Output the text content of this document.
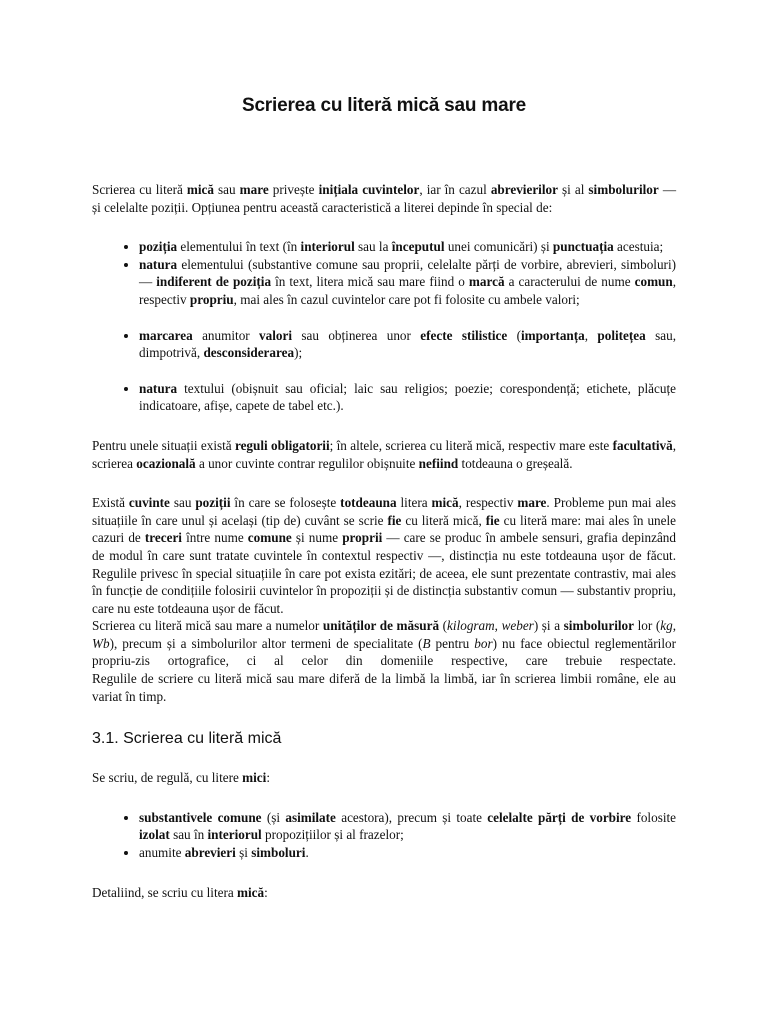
Scrierea cu literă mică sau mare

Scrierea cu literă mică sau mare privește inițiala cuvintelor, iar în cazul abrevierilor și al simbolurilor — și celelalte poziții. Opțiunea pentru această caracteristică a literei depinde în special de:

• poziția elementului în text (în interiorul sau la începutul unei comunicări) și punctuația acestuia;
• natura elementului (substantive comune sau proprii, celelalte părți de vorbire, abrevieri, simboluri) — indiferent de poziția în text, litera mică sau mare fiind o marcă a caracterului de nume comun, respectiv propriu, mai ales în cazul cuvintelor care pot fi folosite cu ambele valori;
• marcarea anumitor valori sau obținerea unor efecte stilistice (importanța, politețea sau, dimpotrivă, desconsiderarea);
• natura textului (obișnuit sau oficial; laic sau religios; poezie; corespondență; etichete, plăcuțe indicatoare, afișe, capete de tabel etc.).

Pentru unele situații există reguli obligatorii; în altele, scrierea cu literă mică, respectiv mare este facultativă, scrierea ocazională a unor cuvinte contrar regulilor obișnuite nefiind totdeauna o greșeală.

Există cuvinte sau poziții în care se folosește totdeauna litera mică, respectiv mare. Probleme pun mai ales situațiile în care unul și același (tip de) cuvânt se scrie fie cu literă mică, fie cu literă mare: mai ales în unele cazuri de treceri între nume comune și nume proprii — care se produc în ambele sensuri, grafia depinzând de modul în care sunt tratate cuvintele în contextul respectiv —, distincția nu este totdeauna ușor de făcut. Regulile privesc în special situațiile în care pot exista ezitări; de aceea, ele sunt prezentate contrastiv, mai ales în funcție de condițiile folosirii cuvintelor în propoziții și de distincția substantiv comun — substantiv propriu, care nu este totdeauna ușor de făcut.

Scrierea cu literă mică sau mare a numelor unităților de măsură (kilogram, weber) și a simbolurilor lor (kg, Wb), precum și a simbolurilor altor termeni de specialitate (B pentru bor) nu face obiectul reglementărilor propriu-zis ortografice, ci al celor din domeniile respective, care trebuie respectate.

Regulile de scriere cu literă mică sau mare diferă de la limbă la limbă, iar în scrierea limbii române, ele au variat în timp.

3.1. Scrierea cu literă mică

Se scriu, de regulă, cu litere mici:

• substantivele comune (și asimilate acestora), precum și toate celelalte părți de vorbire folosite izolat sau în interiorul propozițiilor și al frazelor;
• anumite abrevieri și simboluri.

Detaliind, se scriu cu litera mică:
